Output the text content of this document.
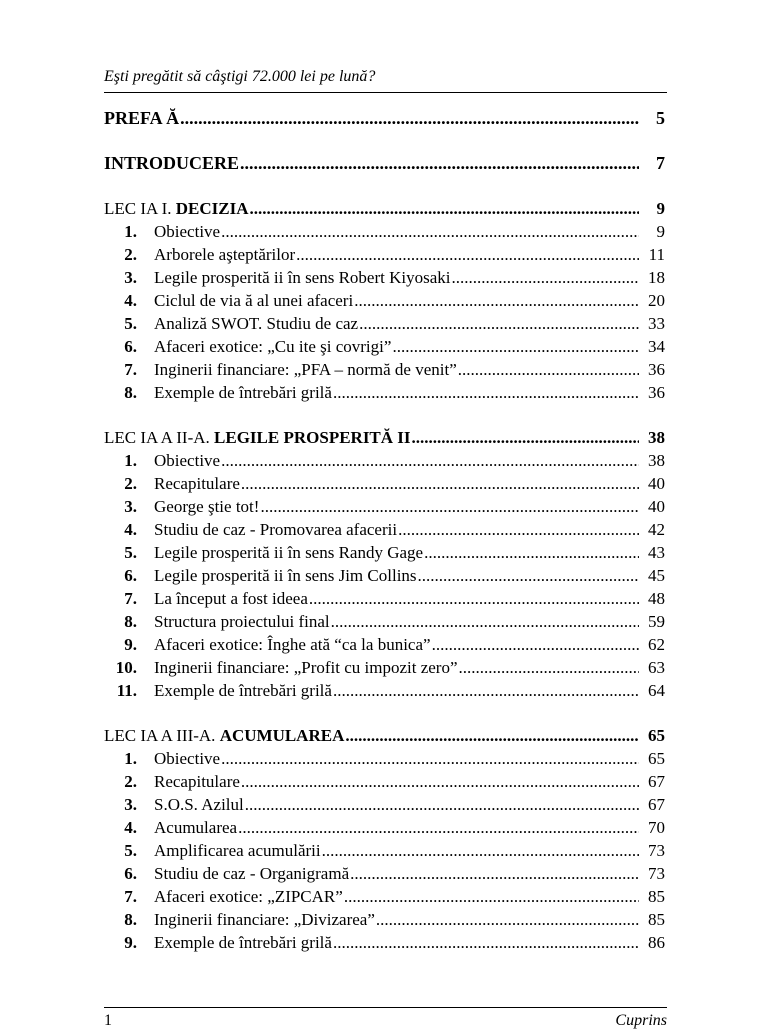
Eşti pregătit să câştigi 72.000 lei pe lună?
PREFA Ă .....	5
INTRODUCERE .....	7
LEC IA I. DECIZIA .....	9
1.	Obiective .....	9
2.	Arborele aşteptărilor .....	11
3.	Legile prosperită ii în sens Robert Kiyosaki .....	18
4.	Ciclul de via ă al unei afaceri .....	20
5.	Analiză SWOT. Studiu de caz .....	33
6.	Afaceri exotice: „Cu ite şi covrigi” .....	34
7.	Inginerii financiare: „PFA – normă de venit” .....	36
8.	Exemple de întrebări grilă .....	36
LEC IA A II-A. LEGILE PROSPERITĂ II .....	38
1.	Obiective .....	38
2.	Recapitulare .....	40
3.	George ştie tot! .....	40
4.	Studiu de caz - Promovarea afacerii .....	42
5.	Legile prosperită ii în sens Randy Gage .....	43
6.	Legile prosperită ii în sens Jim Collins .....	45
7.	La început a fost ideea .....	48
8.	Structura proiectului final .....	59
9.	Afaceri exotice: Înghe ată “ca la bunica” .....	62
10.	Inginerii financiare: „Profit cu impozit zero” .....	63
11.	Exemple de întrebări grilă .....	64
LEC IA A III-A. ACUMULAREA .....	65
1.	Obiective .....	65
2.	Recapitulare .....	67
3.	S.O.S. Azilul .....	67
4.	Acumularea .....	70
5.	Amplificarea acumulării .....	73
6.	Studiu de caz - Organigramă .....	73
7.	Afaceri exotice: „ZIPCAR” .....	85
8.	Inginerii financiare: „Divizarea” .....	85
9.	Exemple de întrebări grilă .....	86
1	Cuprins
